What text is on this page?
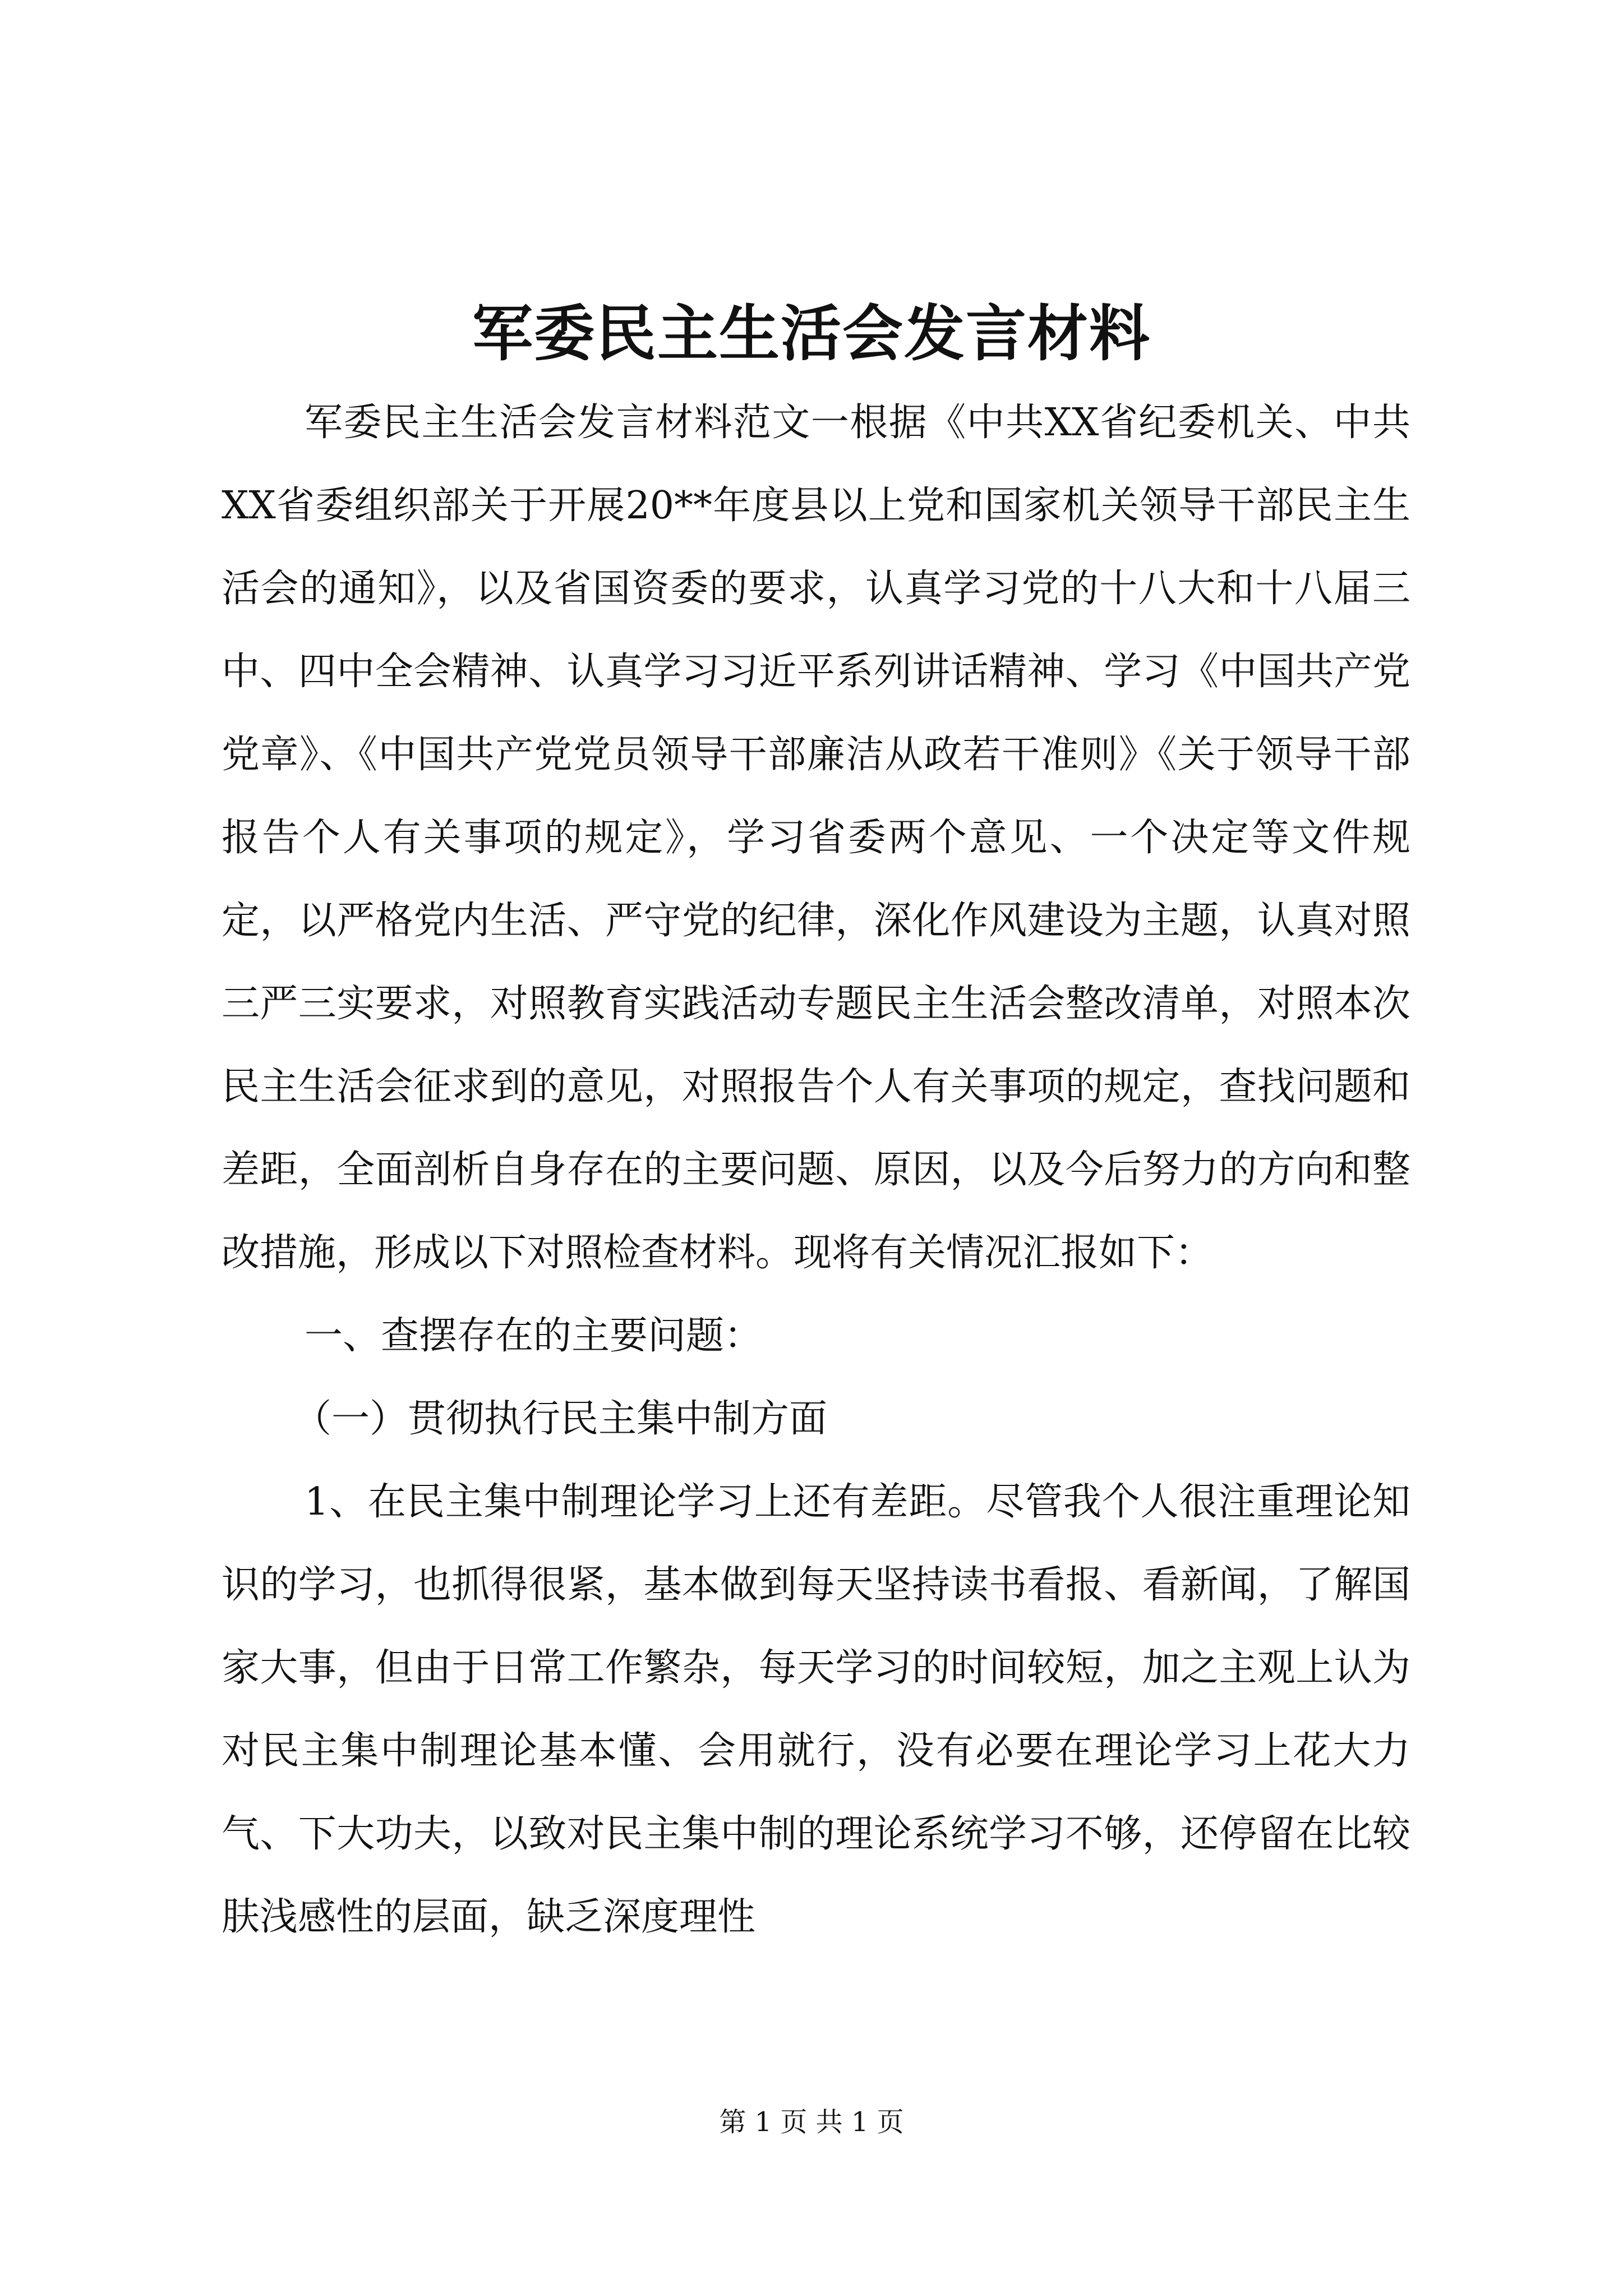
军委民主生活会发言材料

军委民主生活会发言材料范文一根据《中共XX省纪委机关、中共XX省委组织部关于开展20**年度县以上党和国家机关领导干部民主生活会的通知》，以及省国资委的要求，认真学习党的十八大和十八届三中、四中全会精神、认真学习习近平系列讲话精神、学习《中国共产党党章》、《中国共产党党员领导干部廉洁从政若干准则》《关于领导干部报告个人有关事项的规定》，学习省委两个意见、一个决定等文件规定，以严格党内生活、严守党的纪律，深化作风建设为主题，认真对照三严三实要求，对照教育实践活动专题民主生活会整改清单，对照本次民主生活会征求到的意见，对照报告个人有关事项的规定，查找问题和差距，全面剖析自身存在的主要问题、原因，以及今后努力的方向和整改措施，形成以下对照检查材料。现将有关情况汇报如下：

一、查摆存在的主要问题：

（一）贯彻执行民主集中制方面

1、在民主集中制理论学习上还有差距。尽管我个人很注重理论知识的学习，也抓得很紧，基本做到每天坚持读书看报、看新闻，了解国家大事，但由于日常工作繁杂，每天学习的时间较短，加之主观上认为对民主集中制理论基本懂、会用就行，没有必要在理论学习上花大力气、下大功夫，以致对民主集中制的理论系统学习不够，还停留在比较肤浅感性的层面，缺乏深度理性

第 1 页 共 1 页
